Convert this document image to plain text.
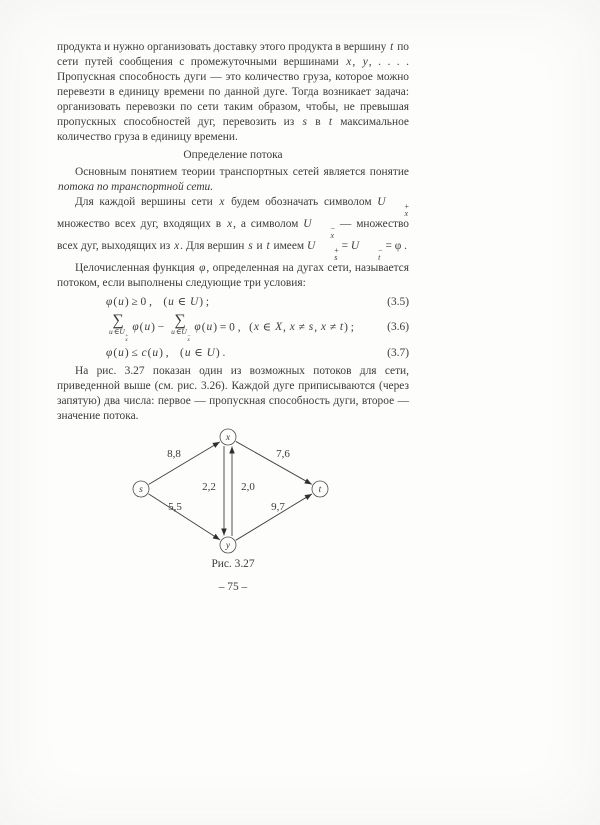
продукта и нужно организовать доставку этого продукта в вершину t по сети путей сообщения с промежуточными вершинами x, y, . . . . Пропускная способность дуги — это количество груза, которое можно перевезти в единицу времени по данной дуге. Тогда возникает задача: организовать перевозки по сети таким образом, чтобы, не превышая пропускных способностей дуг, перевозить из s в t максимальное количество груза в единицу времени.

Определение потока

Основным понятием теории транспортных сетей является понятие потока по транспортной сети.

Для каждой вершины сети x будем обозначать символом U	+
x
множество всех дуг, входящих в x, а символом U	−
x
— множество всех дуг, выходящих из x. Для вершин s и t имеем U	+
s
= U	−
t
= φ .

Целочисленная функция φ, определенная на дугах сети, называется потоком, если выполнены следующие три условия:

φ(u) ≥ 0 ,    (u ∈ U) ;	(3.5)
∑
u∈U +
x
φ(u) − ∑
u∈U −
x
φ(u) = 0 ,   (x ∈ X, x ≠ s, x ≠ t) ;	(3.6)
φ(u) ≤ c(u) ,    (u ∈ U) .	(3.7)

На рис. 3.27 показан один из возможных потоков для сети, приведенной выше (см. рис. 3.26). Каждой дуге приписываются (через запятую) два числа: первое — пропускная способность дуги, второе — значение потока.

s
x
y
t
8,8	7,6
5,5	9,7
2,2 2,0
Рис. 3.27
– 75 –
